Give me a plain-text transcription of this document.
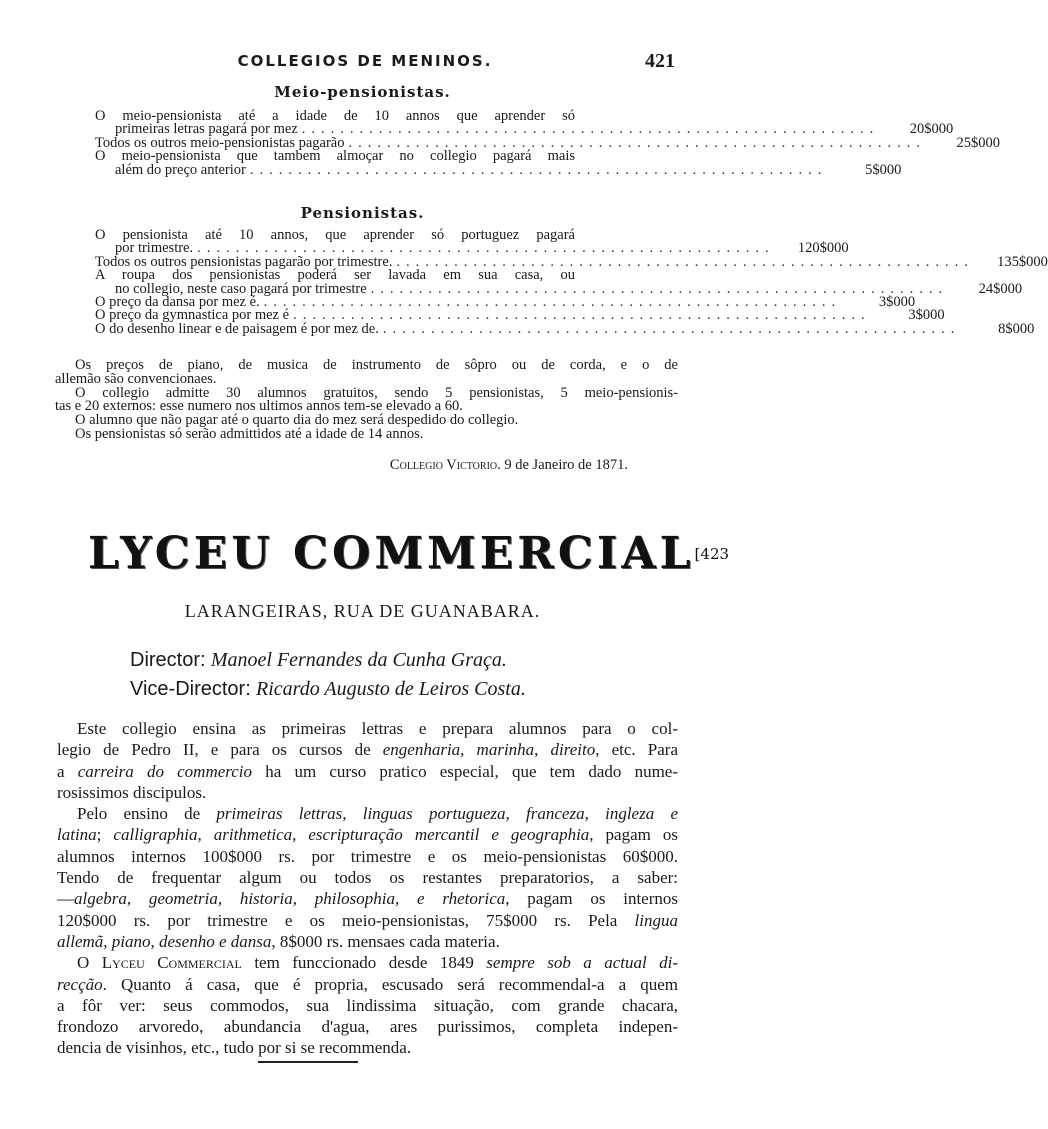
COLLEGIOS DE MENINOS.	421
Meio-pensionistas.
O meio-pensionista até a idade de 10 annos que aprender só
primeiras letras pagará por mez ............................................................	20$000
Todos os outros meio-pensionistas pagarão ............................................................	25$000
O meio-pensionista que tambem almoçar no collegio pagará mais
além do preço anterior ............................................................	5$000
Pensionistas.
O pensionista até 10 annos, que aprender só portuguez pagará
por trimestre. ............................................................	120$000
Todos os outros pensionistas pagarão por trimestre. ............................................................	135$000
A roupa dos pensionistas poderá ser lavada em sua casa, ou
no collegio, neste caso pagará por trimestre ............................................................	24$000
O preço da dansa por mez é. ............................................................	3$000
O preço da gymnastica por mez é ............................................................	3$000
O do desenho linear e de paisagem é por mez de. ............................................................	8$000
Os preços de piano, de musica de instrumento de sôpro ou de corda, e o de
allemão são convencionaes.
O collegio admitte 30 alumnos gratuitos, sendo 5 pensionistas, 5 meio-pensionis-
tas e 20 externos: esse numero nos ultimos annos tem-se elevado a 60.
O alumno que não pagar até o quarto dia do mez será despedido do collegio.
Os pensionistas só serão admittidos até a idade de 14 annos.
Collegio Victorio. 9 de Janeiro de 1871.
LYCEU COMMERCIAL$^{[423}$
LARANGEIRAS, RUA DE GUANABARA.
Director: Manoel Fernandes da Cunha Graça.
Vice-Director: Ricardo Augusto de Leiros Costa.
Este collegio ensina as primeiras lettras e prepara alumnos para o col-
legio de Pedro II, e para os cursos de engenharia, marinha, direito, etc. Para
a carreira do commercio ha um curso pratico especial, que tem dado nume-
rosissimos discipulos.
Pelo ensino de primeiras lettras, linguas portugueza, franceza, ingleza e
latina; calligraphia, arithmetica, escripturação mercantil e geographia, pagam os
alumnos internos 100$000 rs. por trimestre e os meio-pensionistas 60$000.
Tendo de frequentar algum ou todos os restantes preparatorios, a saber:
—algebra, geometria, historia, philosophia, e rhetorica, pagam os internos
120$000 rs. por trimestre e os meio-pensionistas, 75$000 rs. Pela lingua
allemã, piano, desenho e dansa, 8$000 rs. mensaes cada materia.
O Lyceu Commercial tem funccionado desde 1849 sempre sob a actual di-
recção. Quanto á casa, que é propria, escusado será recommendal-a a quem
a fôr ver: seus commodos, sua lindissima situação, com grande chacara,
frondozo arvoredo, abundancia d'agua, ares purissimos, completa indepen-
dencia de visinhos, etc., tudo por si se recommenda.
